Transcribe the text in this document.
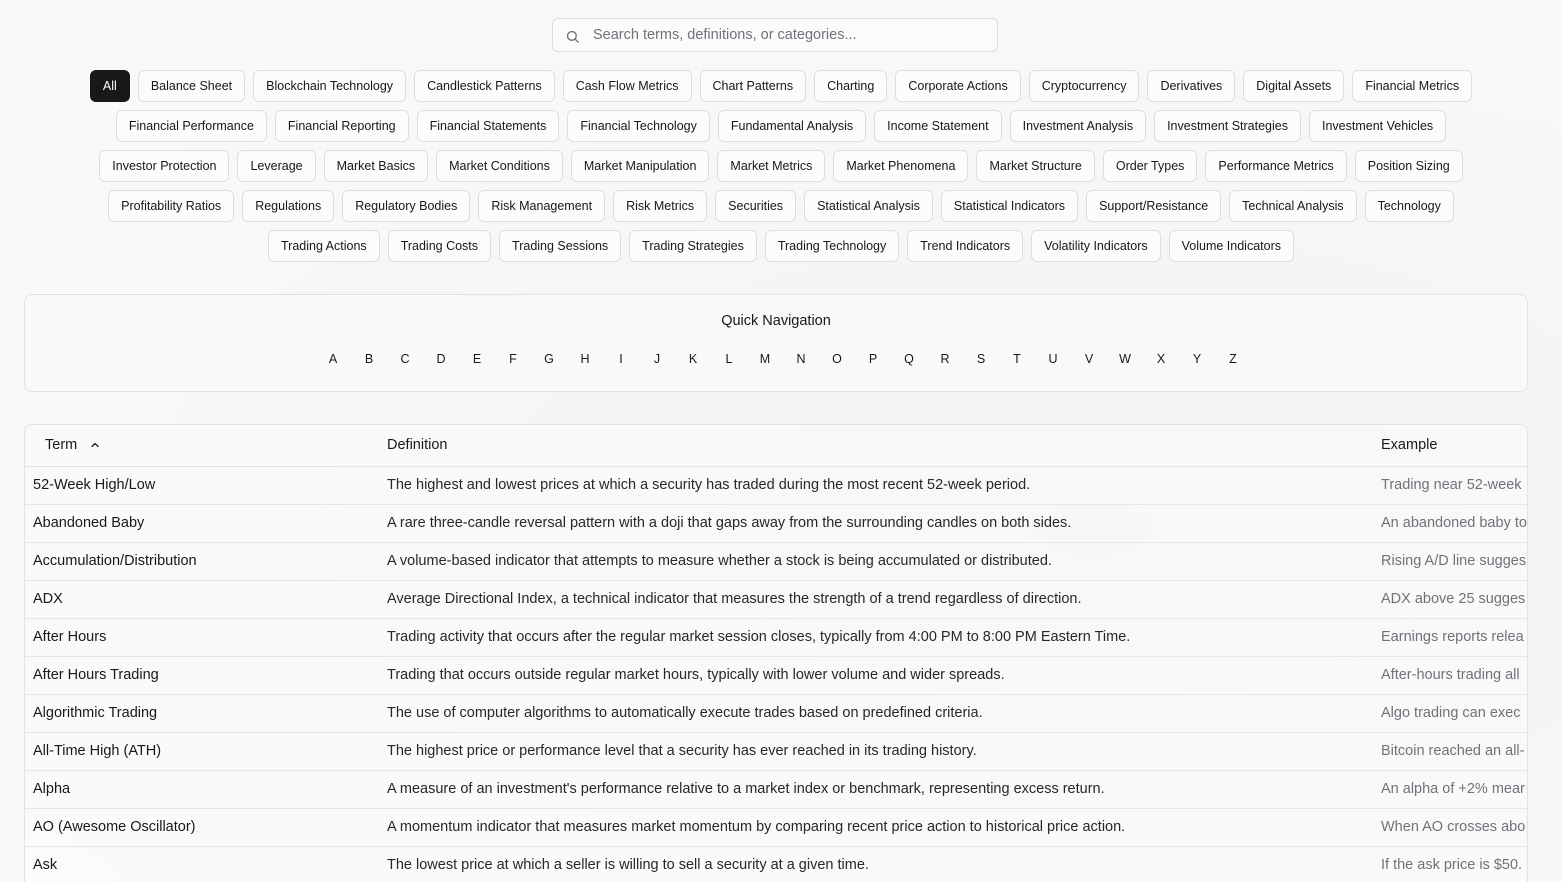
Search terms, definitions, or categories...
All	Balance Sheet	Blockchain Technology	Candlestick Patterns	Cash Flow Metrics	Chart Patterns	Charting	Corporate Actions	Cryptocurrency	Derivatives	Digital Assets	Financial Metrics
Financial Performance	Financial Reporting	Financial Statements	Financial Technology	Fundamental Analysis	Income Statement	Investment Analysis	Investment Strategies	Investment Vehicles
Investor Protection	Leverage	Market Basics	Market Conditions	Market Manipulation	Market Metrics	Market Phenomena	Market Structure	Order Types	Performance Metrics	Position Sizing
Profitability Ratios	Regulations	Regulatory Bodies	Risk Management	Risk Metrics	Securities	Statistical Analysis	Statistical Indicators	Support/Resistance	Technical Analysis	Technology
Trading Actions	Trading Costs	Trading Sessions	Trading Strategies	Trading Technology	Trend Indicators	Volatility Indicators	Volume Indicators
Quick Navigation
A	B	C	D	E	F	G	H	I	J	K	L	M	N	O	P	Q	R	S	T	U	V	W	X	Y	Z
Term	Definition	Example
52-Week High/Low	The highest and lowest prices at which a security has traded during the most recent 52-week period.	Trading near 52-week
Abandoned Baby	A rare three-candle reversal pattern with a doji that gaps away from the surrounding candles on both sides.	An abandoned baby to
Accumulation/Distribution	A volume-based indicator that attempts to measure whether a stock is being accumulated or distributed.	Rising A/D line sugges
ADX	Average Directional Index, a technical indicator that measures the strength of a trend regardless of direction.	ADX above 25 sugges
After Hours	Trading activity that occurs after the regular market session closes, typically from 4:00 PM to 8:00 PM Eastern Time.	Earnings reports relea
After Hours Trading	Trading that occurs outside regular market hours, typically with lower volume and wider spreads.	After-hours trading all
Algorithmic Trading	The use of computer algorithms to automatically execute trades based on predefined criteria.	Algo trading can exec
All-Time High (ATH)	The highest price or performance level that a security has ever reached in its trading history.	Bitcoin reached an all-
Alpha	A measure of an investment's performance relative to a market index or benchmark, representing excess return.	An alpha of +2% mear
AO (Awesome Oscillator)	A momentum indicator that measures market momentum by comparing recent price action to historical price action.	When AO crosses abo
Ask	The lowest price at which a seller is willing to sell a security at a given time.	If the ask price is $50.
